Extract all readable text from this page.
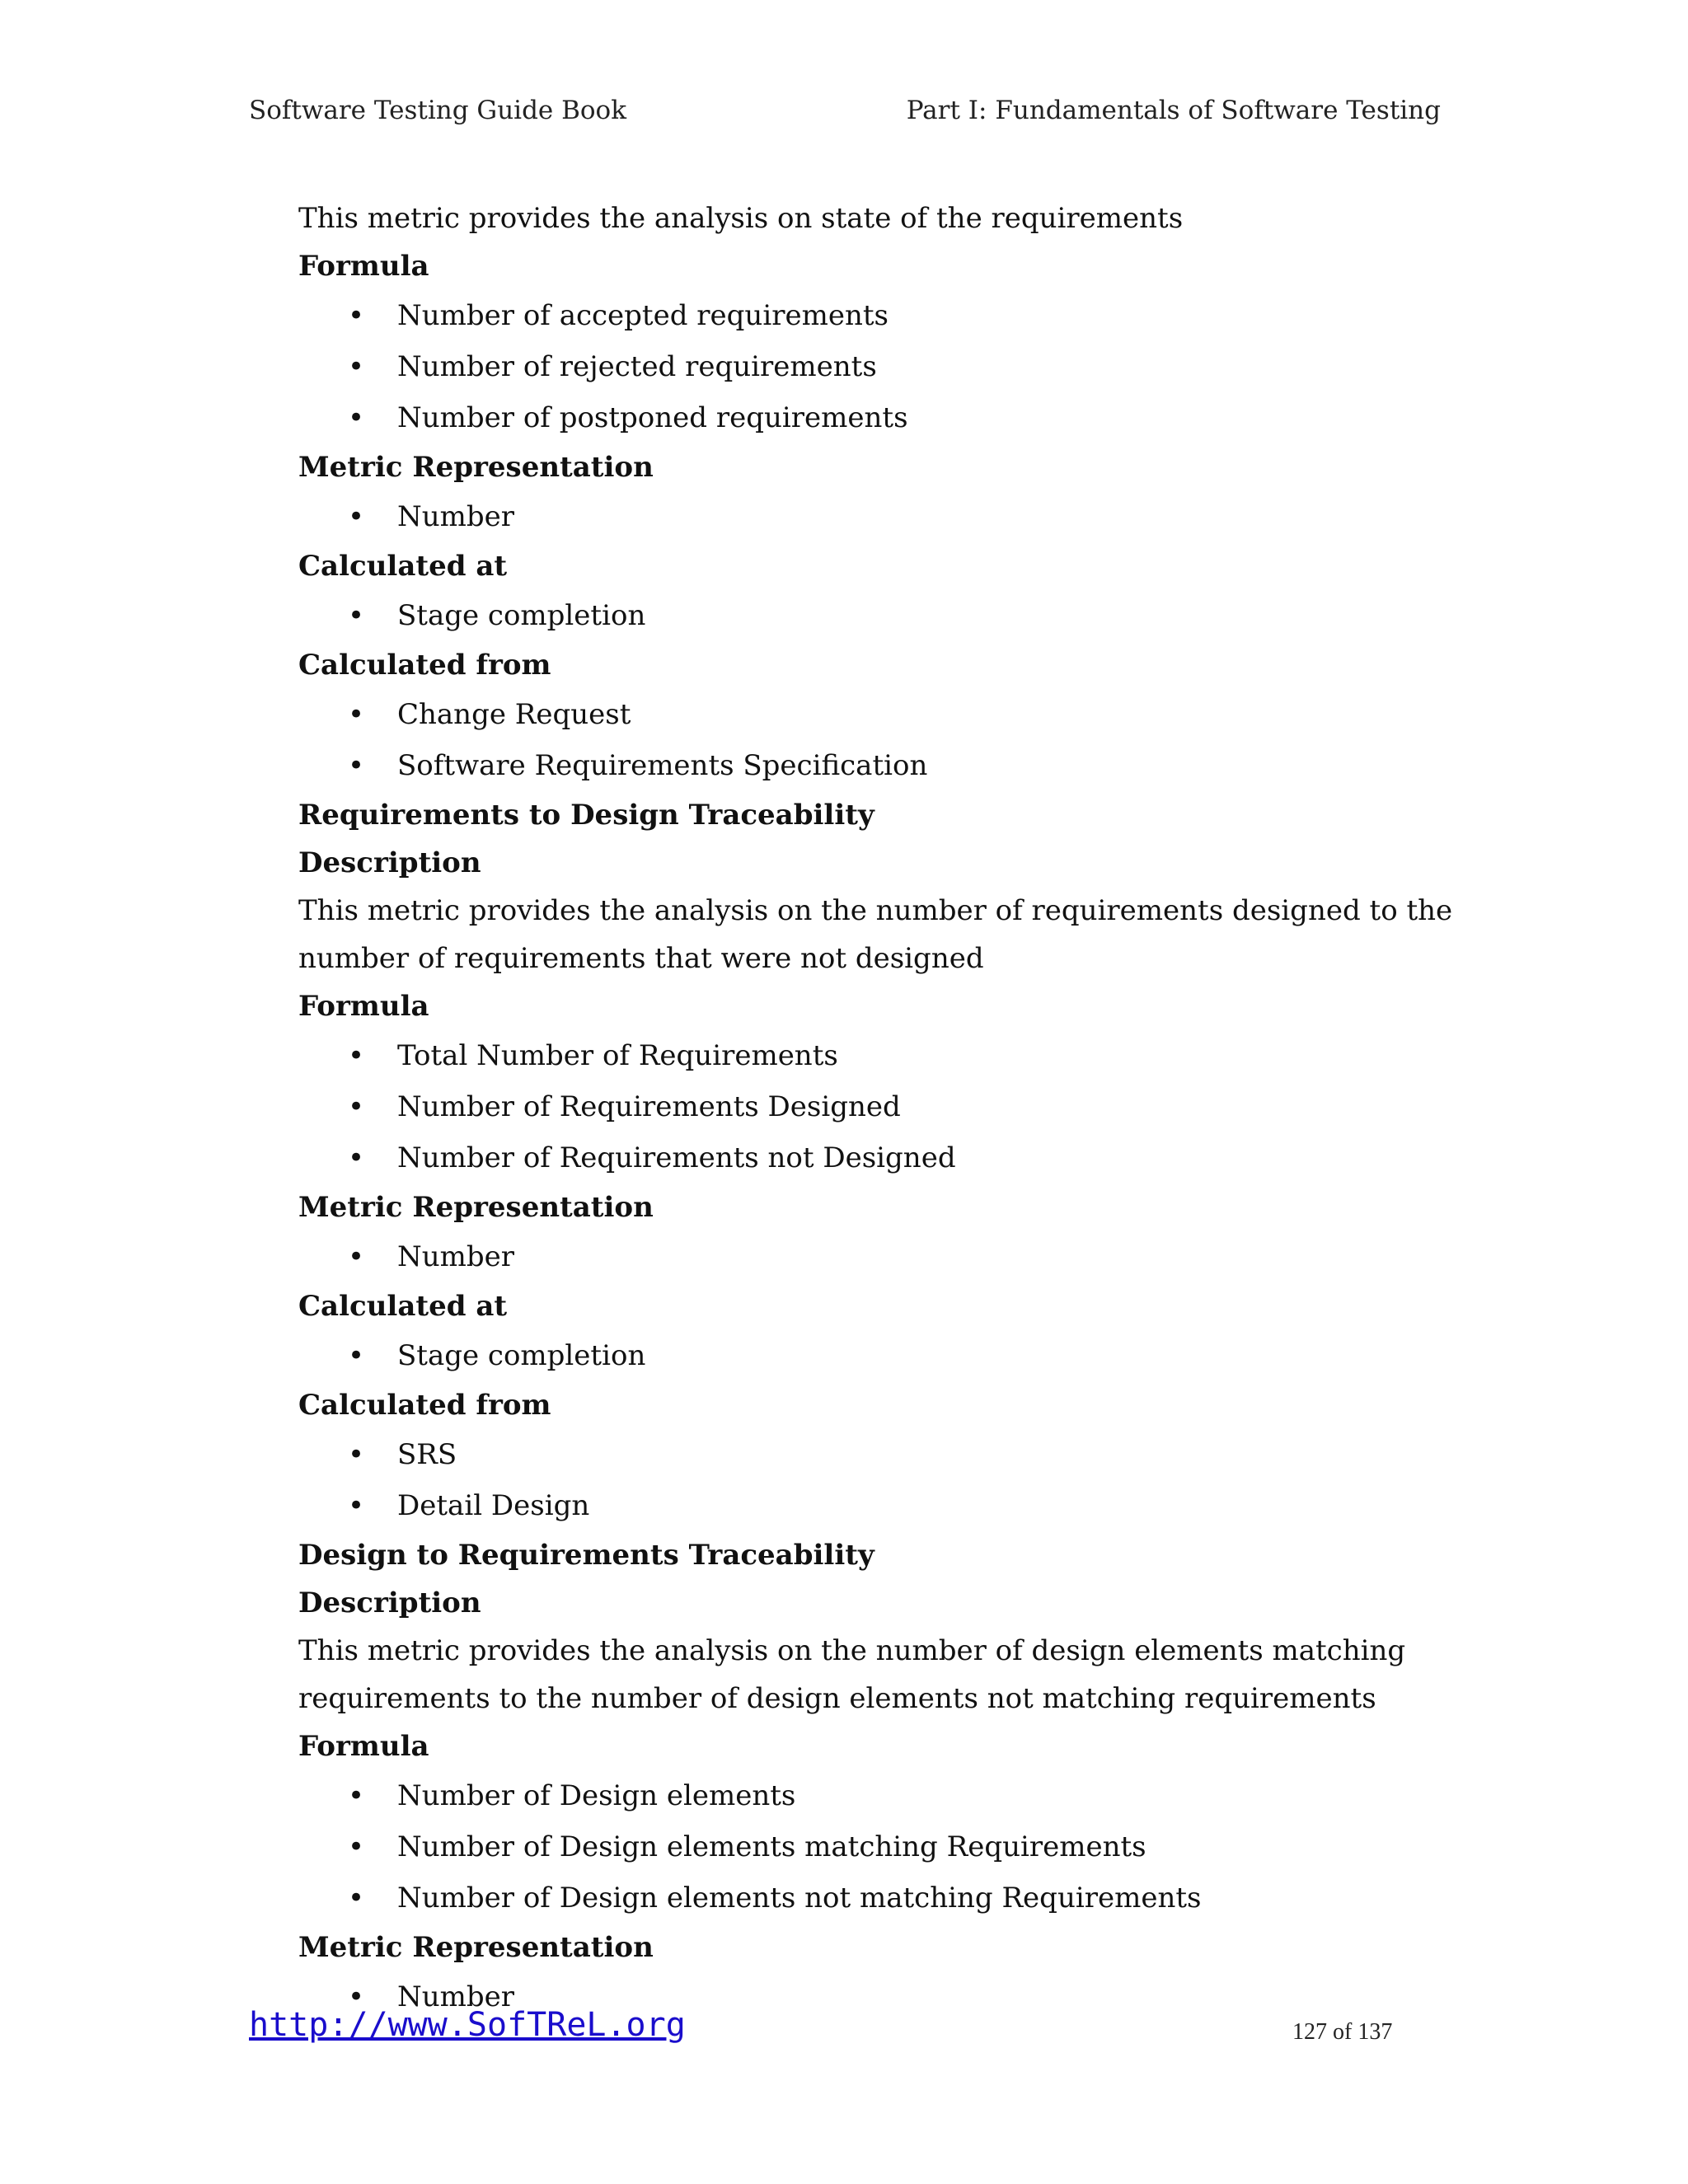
Software Testing Guide Book	Part I: Fundamentals of Software Testing
This metric provides the analysis on state of the requirements
Formula
• Number of accepted requirements
• Number of rejected requirements
• Number of postponed requirements
Metric Representation
• Number
Calculated at
• Stage completion
Calculated from
• Change Request
• Software Requirements Specification
Requirements to Design Traceability
Description
This metric provides the analysis on the number of requirements designed to the number of requirements that were not designed
Formula
• Total Number of Requirements
• Number of Requirements Designed
• Number of Requirements not Designed
Metric Representation
• Number
Calculated at
• Stage completion
Calculated from
• SRS
• Detail Design
Design to Requirements Traceability
Description
This metric provides the analysis on the number of design elements matching requirements to the number of design elements not matching requirements
Formula
• Number of Design elements
• Number of Design elements matching Requirements
• Number of Design elements not matching Requirements
Metric Representation
• Number
http://www.SofTReL.org	127 of 137
